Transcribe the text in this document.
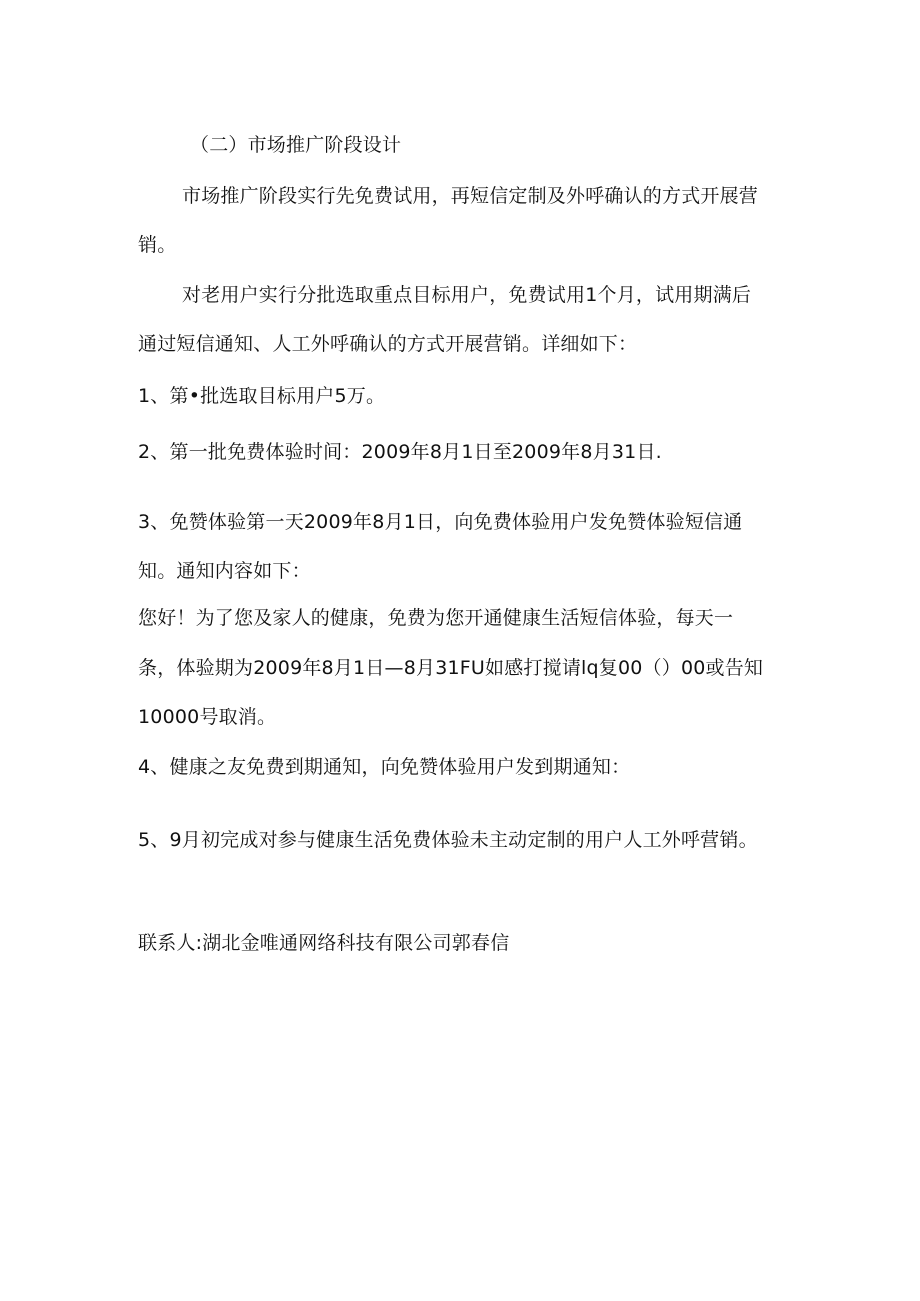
（二）市场推广阶段设计
市场推广阶段实行先免费试用，再短信定制及外呼确认的方式开展营
销。
对老用户实行分批选取重点目标用户，免费试用1个月，试用期满后
通过短信通知、人工外呼确认的方式开展营销。详细如下：
1、第•批选取目标用户5万。
2、第一批免费体验时间：2009年8月1日至2009年8月31日.
3、免赞体验第一天2009年8月1日，向免费体验用户发免赞体验短信通
知。通知内容如下：
您好！为了您及家人的健康，免费为您开通健康生活短信体验，每天一
条，体验期为2009年8月1日—8月31FU如感打搅请lq复00（）00或告知
10000号取消。
4、健康之友免费到期通知，向免赞体验用户发到期通知：
5、9月初完成对参与健康生活免费体验未主动定制的用户人工外呼营销。
联系人:湖北金唯通网络科技有限公司郭春信
